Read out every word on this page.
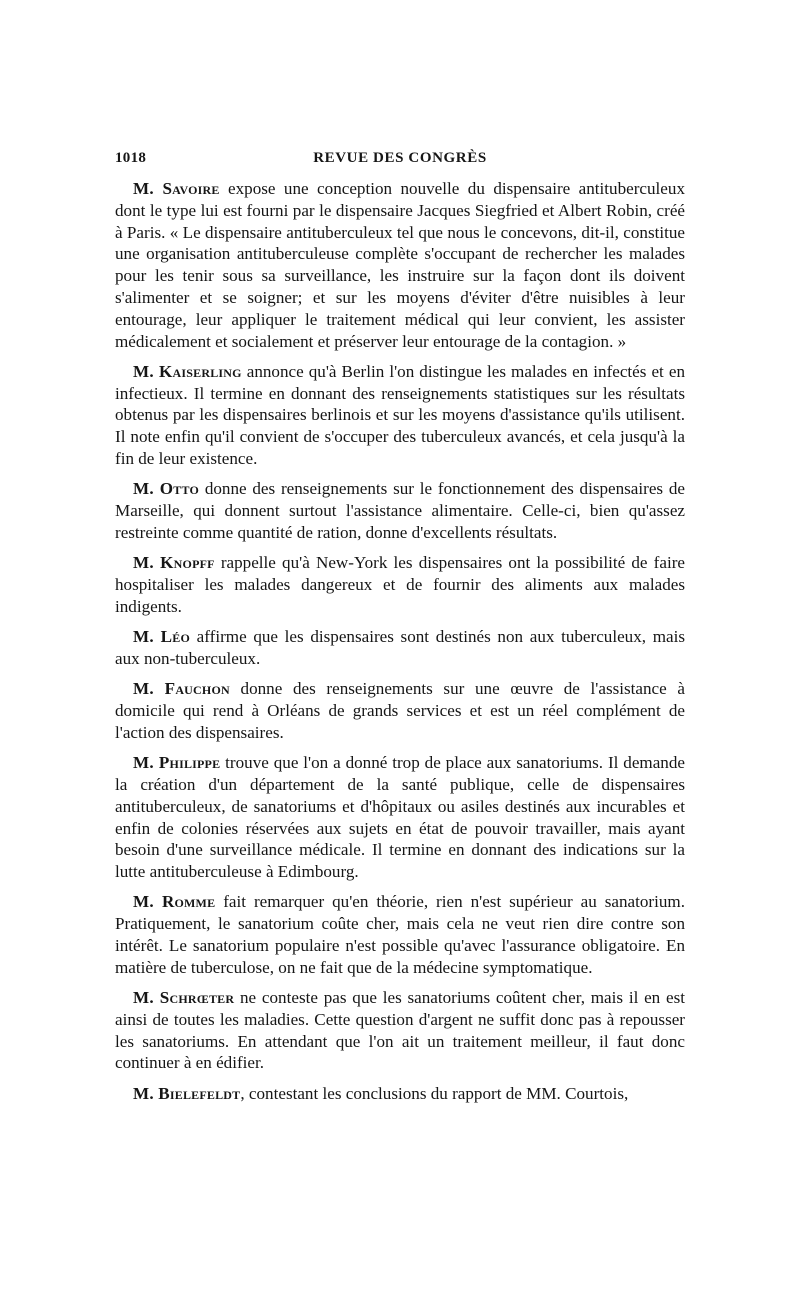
1018	REVUE DES CONGRÈS

M. Savoire expose une conception nouvelle du dispensaire antituberculeux dont le type lui est fourni par le dispensaire Jacques Siegfried et Albert Robin, créé à Paris. « Le dispensaire antituberculeux tel que nous le concevons, dit-il, constitue une organisation antituberculeuse complète s'occupant de rechercher les malades pour les tenir sous sa surveillance, les instruire sur la façon dont ils doivent s'alimenter et se soigner; et sur les moyens d'éviter d'être nuisibles à leur entourage, leur appliquer le traitement médical qui leur convient, les assister médicalement et socialement et préserver leur entourage de la contagion. »

M. Kaiserling annonce qu'à Berlin l'on distingue les malades en infectés et en infectieux. Il termine en donnant des renseignements statistiques sur les résultats obtenus par les dispensaires berlinois et sur les moyens d'assistance qu'ils utilisent. Il note enfin qu'il convient de s'occuper des tuberculeux avancés, et cela jusqu'à la fin de leur existence.

M. Otto donne des renseignements sur le fonctionnement des dispensaires de Marseille, qui donnent surtout l'assistance alimentaire. Celle-ci, bien qu'assez restreinte comme quantité de ration, donne d'excellents résultats.

M. Knopff rappelle qu'à New-York les dispensaires ont la possibilité de faire hospitaliser les malades dangereux et de fournir des aliments aux malades indigents.

M. Léo affirme que les dispensaires sont destinés non aux tuberculeux, mais aux non-tuberculeux.

M. Fauchon donne des renseignements sur une œuvre de l'assistance à domicile qui rend à Orléans de grands services et est un réel complément de l'action des dispensaires.

M. Philippe trouve que l'on a donné trop de place aux sanatoriums. Il demande la création d'un département de la santé publique, celle de dispensaires antituberculeux, de sanatoriums et d'hôpitaux ou asiles destinés aux incurables et enfin de colonies réservées aux sujets en état de pouvoir travailler, mais ayant besoin d'une surveillance médicale. Il termine en donnant des indications sur la lutte antituberculeuse à Edimbourg.

M. Romme fait remarquer qu'en théorie, rien n'est supérieur au sanatorium. Pratiquement, le sanatorium coûte cher, mais cela ne veut rien dire contre son intérêt. Le sanatorium populaire n'est possible qu'avec l'assurance obligatoire. En matière de tuberculose, on ne fait que de la médecine symptomatique.

M. Schrœter ne conteste pas que les sanatoriums coûtent cher, mais il en est ainsi de toutes les maladies. Cette question d'argent ne suffit donc pas à repousser les sanatoriums. En attendant que l'on ait un traitement meilleur, il faut donc continuer à en édifier.

M. Bielefeldt, contestant les conclusions du rapport de MM. Courtois,
